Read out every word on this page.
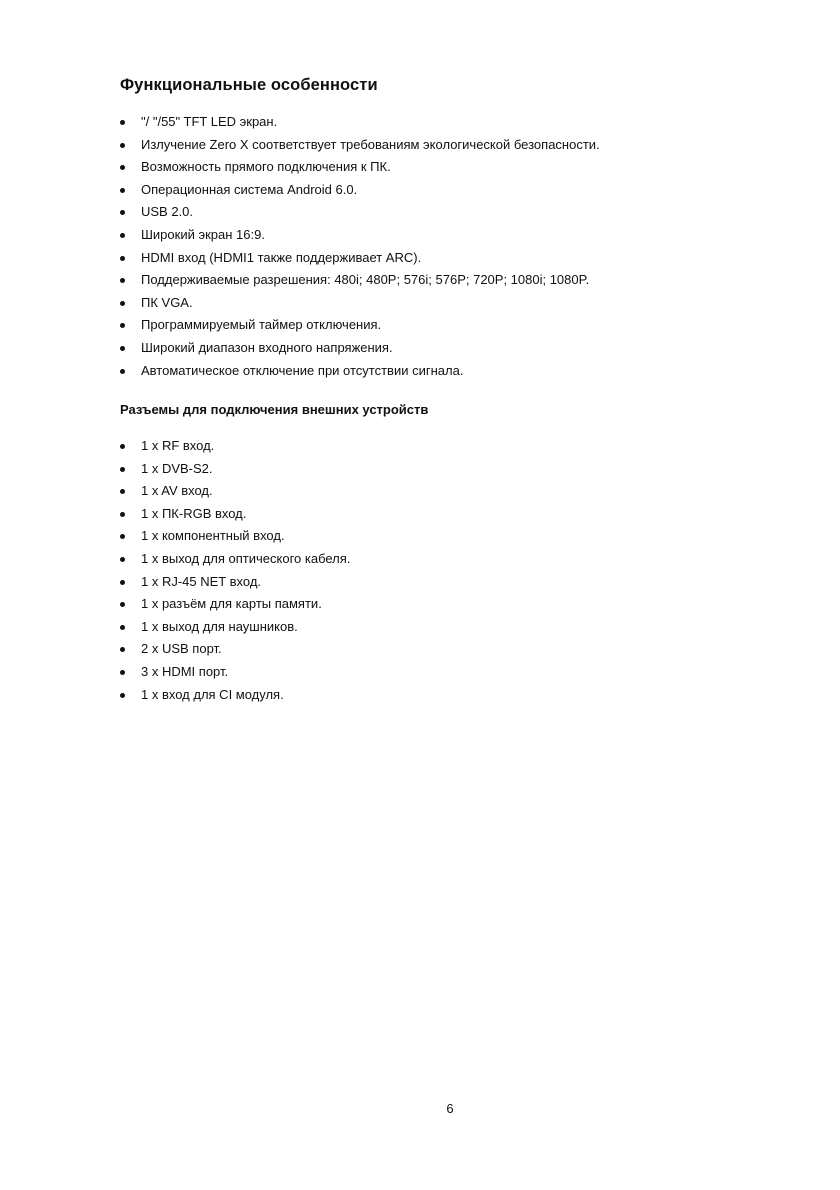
Функциональные особенности
"/ "/55" TFT LED экран.
Излучение Zero X соответствует требованиям экологической безопасности.
Возможность прямого подключения к ПК.
Операционная система Android 6.0.
USB 2.0.
Широкий экран 16:9.
HDMI вход (HDMI1 также поддерживает ARC).
Поддерживаемые разрешения: 480i; 480P; 576i; 576P; 720P; 1080i; 1080P.
ПК VGA.
Программируемый таймер отключения.
Широкий диапазон входного напряжения.
Автоматическое отключение при отсутствии сигнала.
Разъемы для подключения внешних устройств
1 x RF вход.
1 x DVB-S2.
1 x AV вход.
1 x ПК-RGB вход.
1 x компонентный вход.
1 x выход для оптического кабеля.
1 x RJ-45 NET вход.
1 x разъём для карты памяти.
1 x выход для наушников.
2 x USB порт.
3 x HDMI порт.
1 x вход для CI модуля.
6
